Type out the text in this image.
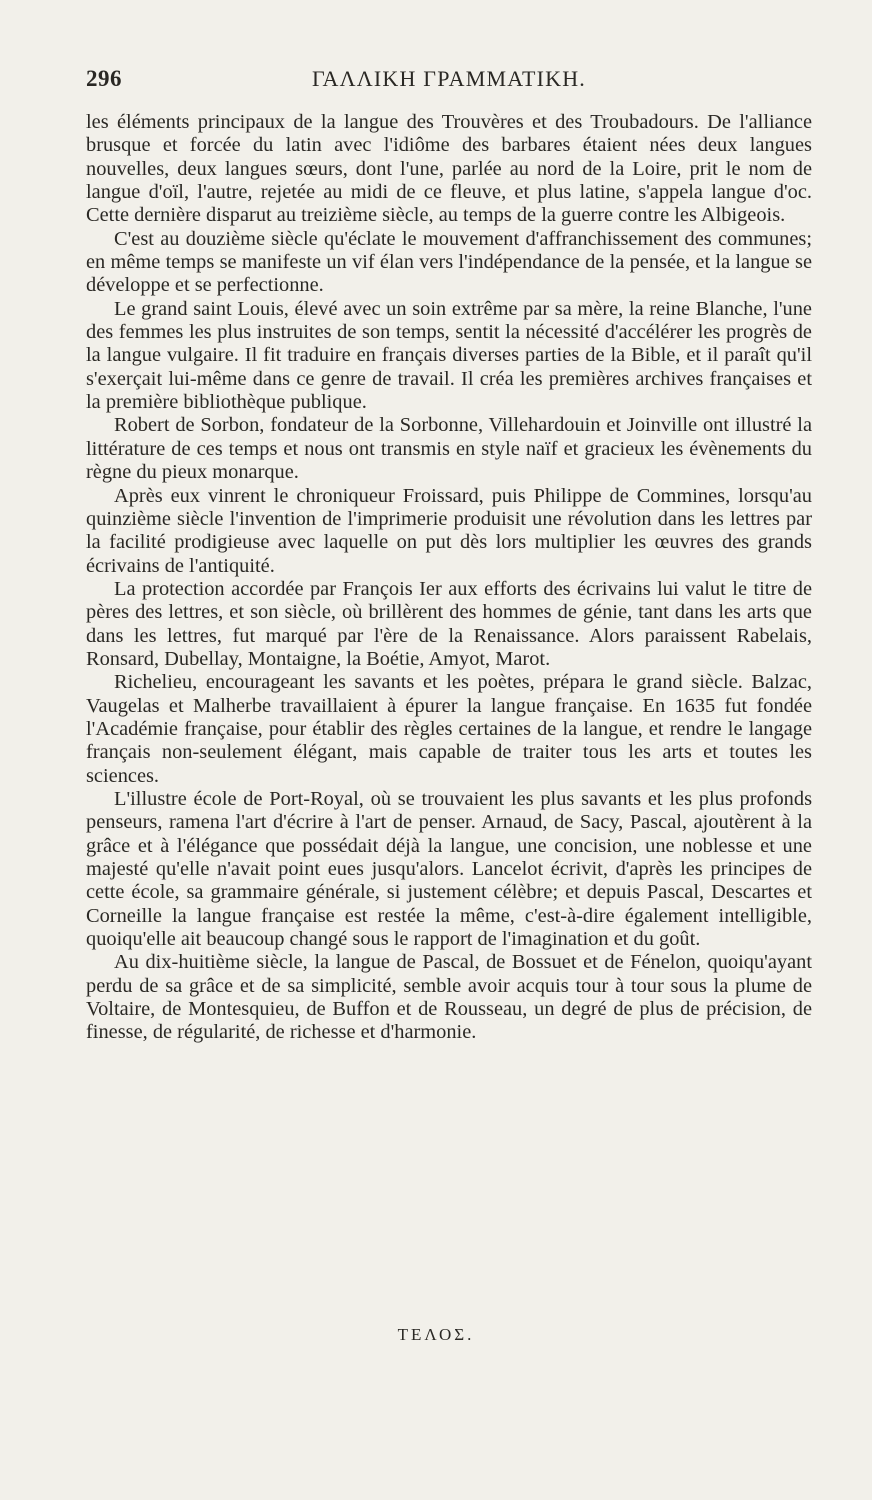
296	ΓΑΛΛΙΚΗ ΓΡΑΜΜΑΤΙΚΗ.

les éléments principaux de la langue des Trouvères et des Troubadours. De l'alliance brusque et forcée du latin avec l'idiôme des barbares étaient nées deux langues nouvelles, deux langues sœurs, dont l'une, parlée au nord de la Loire, prit le nom de langue d'oïl, l'autre, rejetée au midi de ce fleuve, et plus latine, s'appela langue d'oc. Cette dernière disparut au treizième siècle, au temps de la guerre contre les Albigeois.

C'est au douzième siècle qu'éclate le mouvement d'affranchissement des communes; en même temps se manifeste un vif élan vers l'indépendance de la pensée, et la langue se développe et se perfectionne.

Le grand saint Louis, élevé avec un soin extrême par sa mère, la reine Blanche, l'une des femmes les plus instruites de son temps, sentit la nécessité d'accélérer les progrès de la langue vulgaire. Il fit traduire en français diverses parties de la Bible, et il paraît qu'il s'exerçait lui-même dans ce genre de travail. Il créa les premières archives françaises et la première bibliothèque publique.

Robert de Sorbon, fondateur de la Sorbonne, Villehardouin et Joinville ont illustré la littérature de ces temps et nous ont transmis en style naïf et gracieux les évènements du règne du pieux monarque.

Après eux vinrent le chroniqueur Froissard, puis Philippe de Commines, lorsqu'au quinzième siècle l'invention de l'imprimerie produisit une révolution dans les lettres par la facilité prodigieuse avec laquelle on put dès lors multiplier les œuvres des grands écrivains de l'antiquité.

La protection accordée par François Ier aux efforts des écrivains lui valut le titre de pères des lettres, et son siècle, où brillèrent des hommes de génie, tant dans les arts que dans les lettres, fut marqué par l'ère de la Renaissance. Alors paraissent Rabelais, Ronsard, Dubellay, Montaigne, la Boétie, Amyot, Marot.

Richelieu, encourageant les savants et les poètes, prépara le grand siècle. Balzac, Vaugelas et Malherbe travaillaient à épurer la langue française. En 1635 fut fondée l'Académie française, pour établir des règles certaines de la langue, et rendre le langage français non-seulement élégant, mais capable de traiter tous les arts et toutes les sciences.

L'illustre école de Port-Royal, où se trouvaient les plus savants et les plus profonds penseurs, ramena l'art d'écrire à l'art de penser. Arnaud, de Sacy, Pascal, ajoutèrent à la grâce et à l'élégance que possédait déjà la langue, une concision, une noblesse et une majesté qu'elle n'avait point eues jusqu'alors. Lancelot écrivit, d'après les principes de cette école, sa grammaire générale, si justement célèbre; et depuis Pascal, Descartes et Corneille la langue française est restée la même, c'est-à-dire également intelligible, quoiqu'elle ait beaucoup changé sous le rapport de l'imagination et du goût.

Au dix-huitième siècle, la langue de Pascal, de Bossuet et de Fénelon, quoiqu'ayant perdu de sa grâce et de sa simplicité, semble avoir acquis tour à tour sous la plume de Voltaire, de Montesquieu, de Buffon et de Rousseau, un degré de plus de précision, de finesse, de régularité, de richesse et d'harmonie.

ΤΕΛΟΣ.
